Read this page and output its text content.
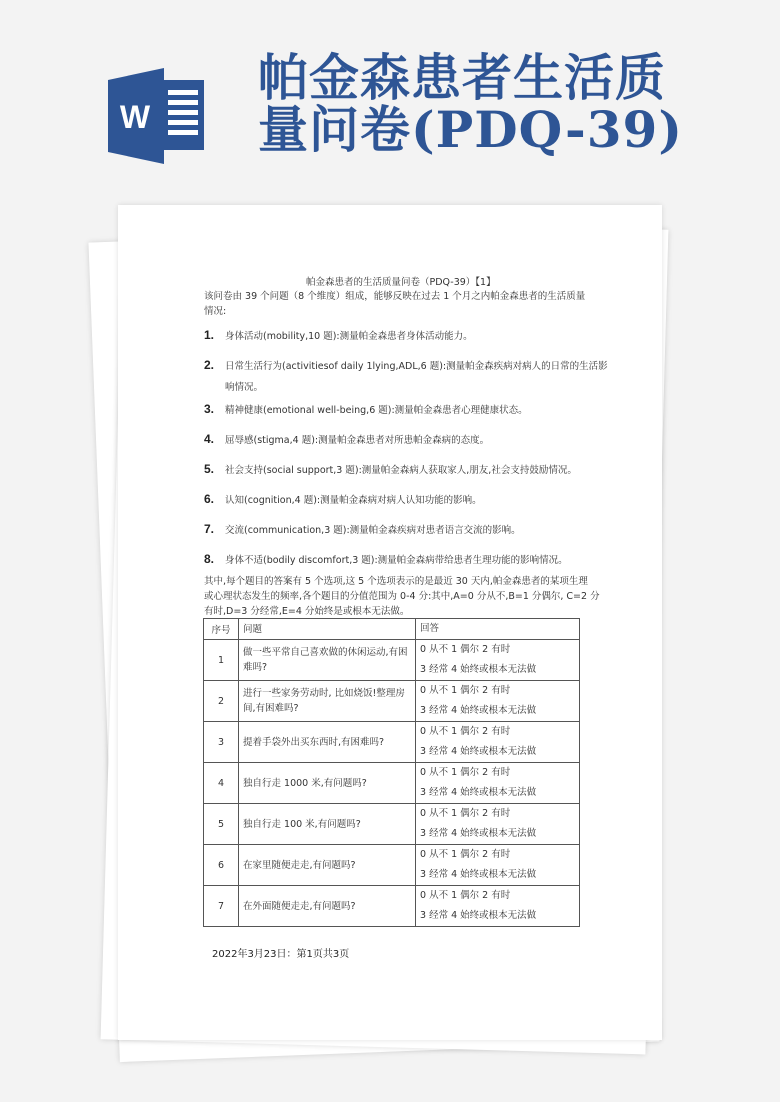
W
帕金森患者生活质
量问卷(PDQ-39)
帕金森患者的生活质量问卷（PDQ-39）【1】
该问卷由 39 个问题（8 个维度）组成，能够反映在过去 1 个月之内帕金森患者的生活质量
情况:
1. 身体活动(mobility,10 题):测量帕金森患者身体活动能力。
2. 日常生活行为(activitiesof daily 1lying,ADL,6 题):测量帕金森疾病对病人的日常的生活影
响情况。
3. 精神健康(emotional well-being,6 题):测量帕金森患者心理健康状态。
4. 屈辱感(stigma,4 题):测量帕金森患者对所患帕金森病的态度。
5. 社会支持(social support,3 题):测量帕金森病人获取家人,朋友,社会支持鼓励情况。
6. 认知(cognition,4 题):测量帕金森病对病人认知功能的影响。
7. 交流(communication,3 题):测量帕金森疾病对患者语言交流的影响。
8. 身体不适(bodily discomfort,3 题):测量帕金森病带给患者生理功能的影响情况。
其中,每个题目的答案有 5 个选项,这 5 个选项表示的是最近 30 天内,帕金森患者的某项生理
或心理状态发生的频率,各个题目的分值范围为 0-4 分:其中,A=0 分从不,B=1 分偶尔, C=2 分
有时,D=3 分经常,E=4 分始终是或根本无法做。
序号	问题	回答
1	做一些平常自己喜欢做的休闲运动,有困难吗?	0 从不 1 偶尔 2 有时
3 经常 4 始终或根本无法做

2	进行一些家务劳动时, 比如烧饭!整理房间,有困难吗?	0 从不 1 偶尔 2 有时
3 经常 4 始终或根本无法做

3	提着手袋外出买东西时,有困难吗?	0 从不 1 偶尔 2 有时
3 经常 4 始终或根本无法做

4	独自行走 1000 米,有问题吗?	0 从不 1 偶尔 2 有时
3 经常 4 始终或根本无法做

5	独自行走 100 米,有问题吗?	0 从不 1 偶尔 2 有时
3 经常 4 始终或根本无法做

6	在家里随便走走,有问题吗?	0 从不 1 偶尔 2 有时
3 经常 4 始终或根本无法做

7	在外面随便走走,有问题吗?	0 从不 1 偶尔 2 有时
3 经常 4 始终或根本无法做
2022年3月23日：第1页共3页
